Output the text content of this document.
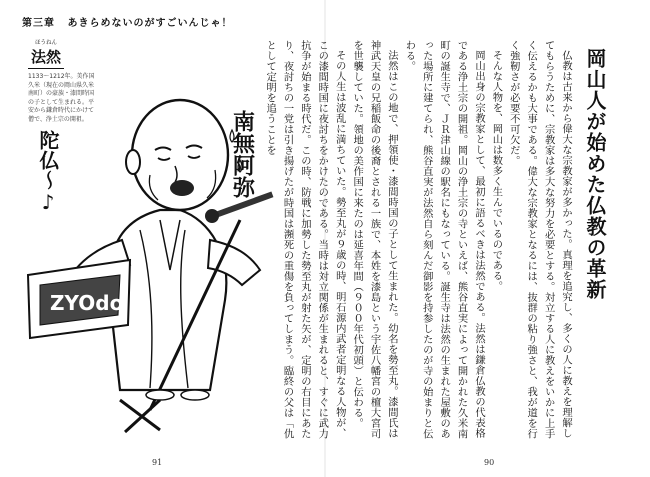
第三章 あきらめないのがすごいんじゃ！
ほうねん
法然
1133〜1212年。美作国久米（現在の岡山県久米南町）の豪族・漆間時国の子として生まれる。平安から鎌倉時代にかけて僧で、浄土宗の開祖。
ZYOdo
南無阿弥
陀仏〜♪
91
岡山人が始めた仏教の革新

仏教は古来から偉大な宗教家が多かった。真理を追究し、多くの人に教えを理解してもらうために、宗教家は多大な努力を必要とする。対立する人に教えをいかに上手く伝えるかも大事である。偉大な宗教家となるには、抜群の粘り強さと、我が道を行く強靭さが必要不可欠だ。

そんな人物を、岡山は数多く生んでいるのである。

岡山出身の宗教家として、最初に語るべきは法然である。法然は鎌倉仏教の代表格である浄土宗の開祖。岡山の浄土宗の寺といえば、熊谷直実によって開かれた久米南町の誕生寺で、ＪＲ津山線の駅名にもなっている。誕生寺は法然の生まれた屋敷のあった場所に建てられ、熊谷直実が法然自ら刻んだ御影を持参したのが寺の始まりと伝わる。

法然はこの地で、押領使・漆間時国の子として生まれた。幼名を勢至丸。漆間氏は神武天皇の兄稲飯命の後裔とされる一族で、本姓を漆島という宇佐八幡宮の檀大宮司を世襲していた。領地の美作国に来たのは延喜年間（９００年代初頭）と伝わる。

その人生は波乱に満ちていた。勢至丸が９歳の時、明石源内武者定明なる人物が、この漆間時国に夜討ちをかけたのである。当時は対立関係が生まれると、すぐに武力抗争が始まる時代だ。この時、防戦に加勢した勢至丸が射た矢が、定明の右目にあたり、夜討ちの一党は引き揚げたが時国は瀕死の重傷を負ってしまう。臨終の父は「仇として定明を追うことを

90
